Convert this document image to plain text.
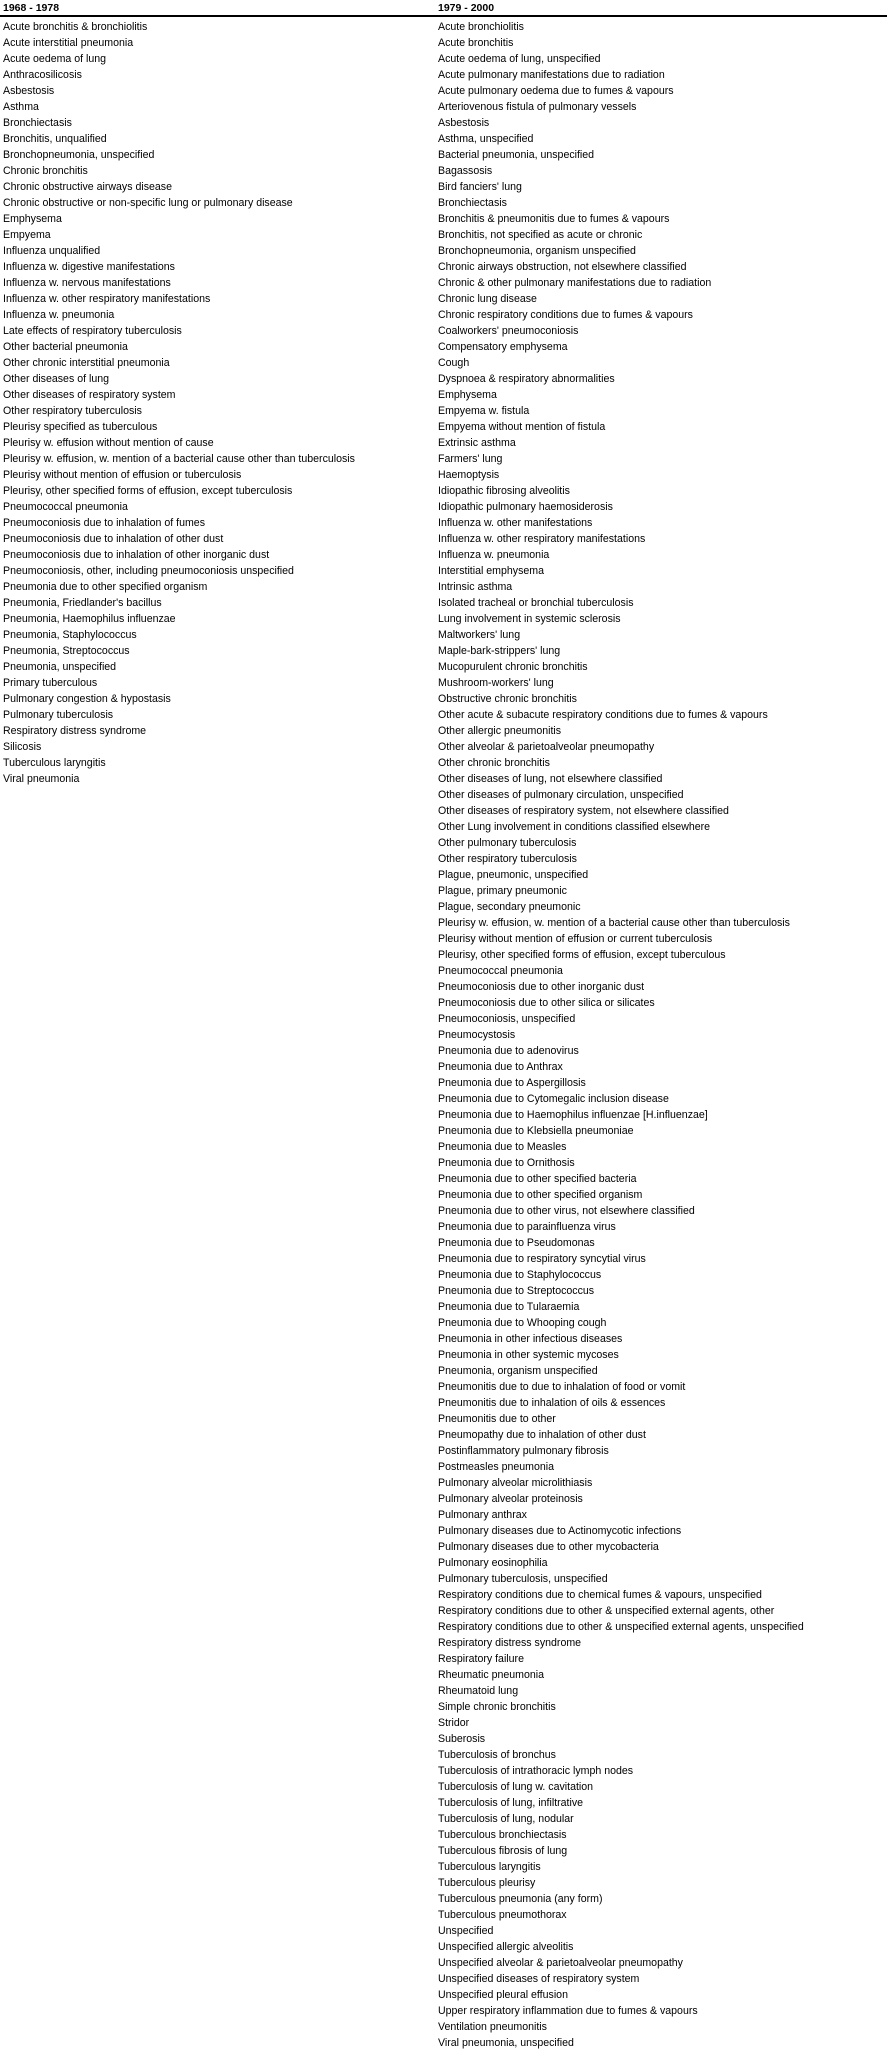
1968 - 1978	1979 - 2000
Acute bronchitis & bronchiolitis
Acute interstitial pneumonia
Acute oedema of lung
Anthracosilicosis
Asbestosis
Asthma
Bronchiectasis
Bronchitis, unqualified
Bronchopneumonia, unspecified
Chronic bronchitis
Chronic obstructive airways disease
Chronic obstructive or non-specific lung or pulmonary disease
Emphysema
Empyema
Influenza unqualified
Influenza w. digestive manifestations
Influenza w. nervous manifestations
Influenza w. other respiratory manifestations
Influenza w. pneumonia
Late effects of respiratory tuberculosis
Other bacterial pneumonia
Other chronic interstitial pneumonia
Other diseases of lung
Other diseases of respiratory system
Other respiratory tuberculosis
Pleurisy specified as tuberculous
Pleurisy w. effusion without mention of cause
Pleurisy w. effusion, w. mention of a bacterial cause other than tuberculosis
Pleurisy without mention of effusion or tuberculosis
Pleurisy, other specified forms of effusion, except tuberculosis
Pneumococcal pneumonia
Pneumoconiosis due to inhalation of fumes
Pneumoconiosis due to inhalation of other dust
Pneumoconiosis due to inhalation of other inorganic dust
Pneumoconiosis, other, including pneumoconiosis unspecified
Pneumonia due to other specified organism
Pneumonia, Friedlander's bacillus
Pneumonia, Haemophilus influenzae
Pneumonia, Staphylococcus
Pneumonia, Streptococcus
Pneumonia, unspecified
Primary tuberculous
Pulmonary congestion & hypostasis
Pulmonary tuberculosis
Respiratory distress syndrome
Silicosis
Tuberculous laryngitis
Viral pneumonia
Acute bronchiolitis
Acute bronchitis
Acute oedema of lung, unspecified
Acute pulmonary manifestations due to radiation
Acute pulmonary oedema due to fumes & vapours
Arteriovenous fistula of pulmonary vessels
Asbestosis
Asthma, unspecified
Bacterial pneumonia, unspecified
Bagassosis
Bird fanciers' lung
Bronchiectasis
Bronchitis & pneumonitis due to fumes & vapours
Bronchitis, not specified as acute or chronic
Bronchopneumonia, organism unspecified
Chronic airways obstruction, not elsewhere classified
Chronic & other pulmonary manifestations due to radiation
Chronic lung disease
Chronic respiratory conditions due to fumes & vapours
Coalworkers' pneumoconiosis
Compensatory emphysema
Cough
Dyspnoea & respiratory abnormalities
Emphysema
Empyema w. fistula
Empyema without mention of fistula
Extrinsic asthma
Farmers' lung
Haemoptysis
Idiopathic fibrosing alveolitis
Idiopathic pulmonary haemosiderosis
Influenza w. other manifestations
Influenza w. other respiratory manifestations
Influenza w. pneumonia
Interstitial emphysema
Intrinsic asthma
Isolated tracheal or bronchial tuberculosis
Lung involvement in systemic sclerosis
Maltworkers' lung
Maple-bark-strippers' lung
Mucopurulent chronic bronchitis
Mushroom-workers' lung
Obstructive chronic bronchitis
Other acute & subacute respiratory conditions due to fumes & vapours
Other allergic pneumonitis
Other alveolar & parietoalveolar pneumopathy
Other chronic bronchitis
Other diseases of lung, not elsewhere classified
Other diseases of pulmonary circulation, unspecified
Other diseases of respiratory system, not elsewhere classified
Other Lung involvement in conditions classified elsewhere
Other pulmonary tuberculosis
Other respiratory tuberculosis
Plague, pneumonic, unspecified
Plague, primary pneumonic
Plague, secondary pneumonic
Pleurisy w. effusion, w. mention of a bacterial cause other than tuberculosis
Pleurisy without mention of effusion or current tuberculosis
Pleurisy, other specified forms of effusion, except tuberculous
Pneumococcal pneumonia
Pneumoconiosis due to other inorganic dust
Pneumoconiosis due to other silica or silicates
Pneumoconiosis, unspecified
Pneumocystosis
Pneumonia due to adenovirus
Pneumonia due to Anthrax
Pneumonia due to Aspergillosis
Pneumonia due to Cytomegalic inclusion disease
Pneumonia due to Haemophilus influenzae [H.influenzae]
Pneumonia due to Klebsiella pneumoniae
Pneumonia due to Measles
Pneumonia due to Ornithosis
Pneumonia due to other specified bacteria
Pneumonia due to other specified organism
Pneumonia due to other virus, not elsewhere classified
Pneumonia due to parainfluenza virus
Pneumonia due to Pseudomonas
Pneumonia due to respiratory syncytial virus
Pneumonia due to Staphylococcus
Pneumonia due to Streptococcus
Pneumonia due to Tularaemia
Pneumonia due to Whooping cough
Pneumonia in other infectious diseases
Pneumonia in other systemic mycoses
Pneumonia, organism unspecified
Pneumonitis due to due to inhalation of food or vomit
Pneumonitis due to inhalation of oils & essences
Pneumonitis due to other
Pneumopathy due to inhalation of other dust
Postinflammatory pulmonary fibrosis
Postmeasles pneumonia
Pulmonary alveolar microlithiasis
Pulmonary alveolar proteinosis
Pulmonary anthrax
Pulmonary diseases due to Actinomycotic infections
Pulmonary diseases due to other mycobacteria
Pulmonary eosinophilia
Pulmonary tuberculosis, unspecified
Respiratory conditions due to chemical fumes & vapours, unspecified
Respiratory conditions due to other & unspecified external agents, other
Respiratory conditions due to other & unspecified external agents, unspecified
Respiratory distress syndrome
Respiratory failure
Rheumatic pneumonia
Rheumatoid lung
Simple chronic bronchitis
Stridor
Suberosis
Tuberculosis of bronchus
Tuberculosis of intrathoracic lymph nodes
Tuberculosis of lung w. cavitation
Tuberculosis of lung, infiltrative
Tuberculosis of lung, nodular
Tuberculous bronchiectasis
Tuberculous fibrosis of lung
Tuberculous laryngitis
Tuberculous pleurisy
Tuberculous pneumonia (any form)
Tuberculous pneumothorax
Unspecified
Unspecified allergic alveolitis
Unspecified alveolar & parietoalveolar pneumopathy
Unspecified diseases of respiratory system
Unspecified pleural effusion
Upper respiratory inflammation due to fumes & vapours
Ventilation pneumonitis
Viral pneumonia, unspecified
